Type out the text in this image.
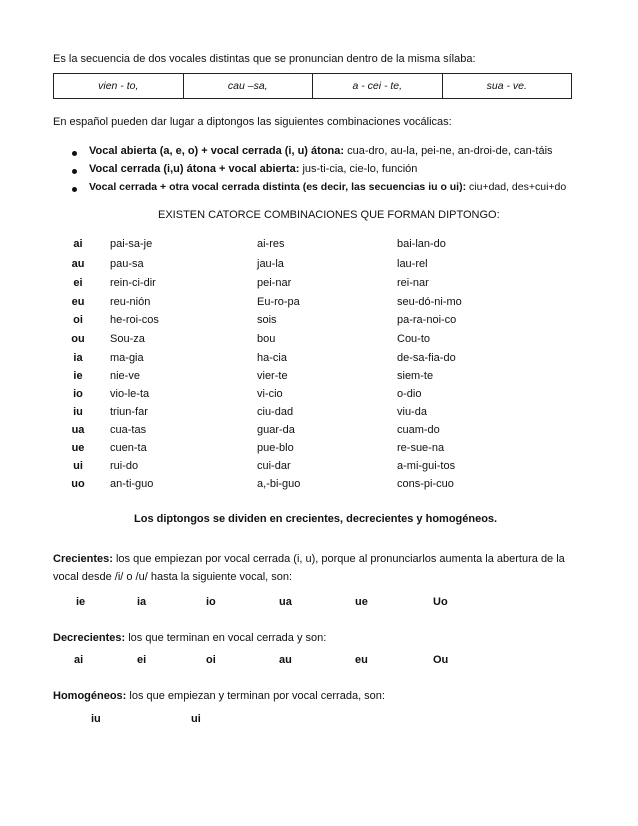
Es la secuencia de dos vocales distintas que se pronuncian dentro de la misma sílaba:
vien - to,	cau –sa,	a - cei - te,	sua - ve.
En español pueden dar lugar a diptongos las siguientes combinaciones vocálicas:
Vocal abierta (a, e, o) + vocal cerrada (i, u) átona: cua-dro, au-la, pei-ne, an-droi-de, can-táis
Vocal cerrada (i,u) átona + vocal abierta: jus-ti-cia, cie-lo, función
Vocal cerrada + otra vocal cerrada distinta (es decir, las secuencias iu o ui): ciu+dad, des+cui+do
EXISTEN CATORCE COMBINACIONES QUE FORMAN DIPTONGO:
ai	pai-sa-je	ai-res	bai-lan-do
au	pau-sa	jau-la	lau-rel
ei	rein-ci-dir	pei-nar	rei-nar
eu	reu-nión	Eu-ro-pa	seu-dó-ni-mo
oi	he-roi-cos	sois	pa-ra-noi-co
ou	Sou-za	bou	Cou-to
ia	ma-gia	ha-cia	de-sa-fia-do
ie	nie-ve	vier-te	siem-te
io	vio-le-ta	vi-cio	o-dio
iu	triun-far	ciu-dad	viu-da
ua	cua-tas	guar-da	cuam-do
ue	cuen-ta	pue-blo	re-sue-na
ui	rui-do	cui-dar	a-mi-gui-tos
uo	an-ti-guo	a,-bi-guo	cons-pi-cuo
Los diptongos se dividen en crecientes, decrecientes y homogéneos.
Crecientes: los que empiezan por vocal cerrada (i, u), porque al pronunciarlos aumenta la abertura de la
vocal desde /i/ o /u/ hasta la siguiente vocal, son:
ie	ia	io	ua	ue	Uo
Decrecientes: los que terminan en vocal cerrada y son:
ai	ei	oi	au	eu	Ou
Homogéneos: los que empiezan y terminan por vocal cerrada, son:
iu	ui
